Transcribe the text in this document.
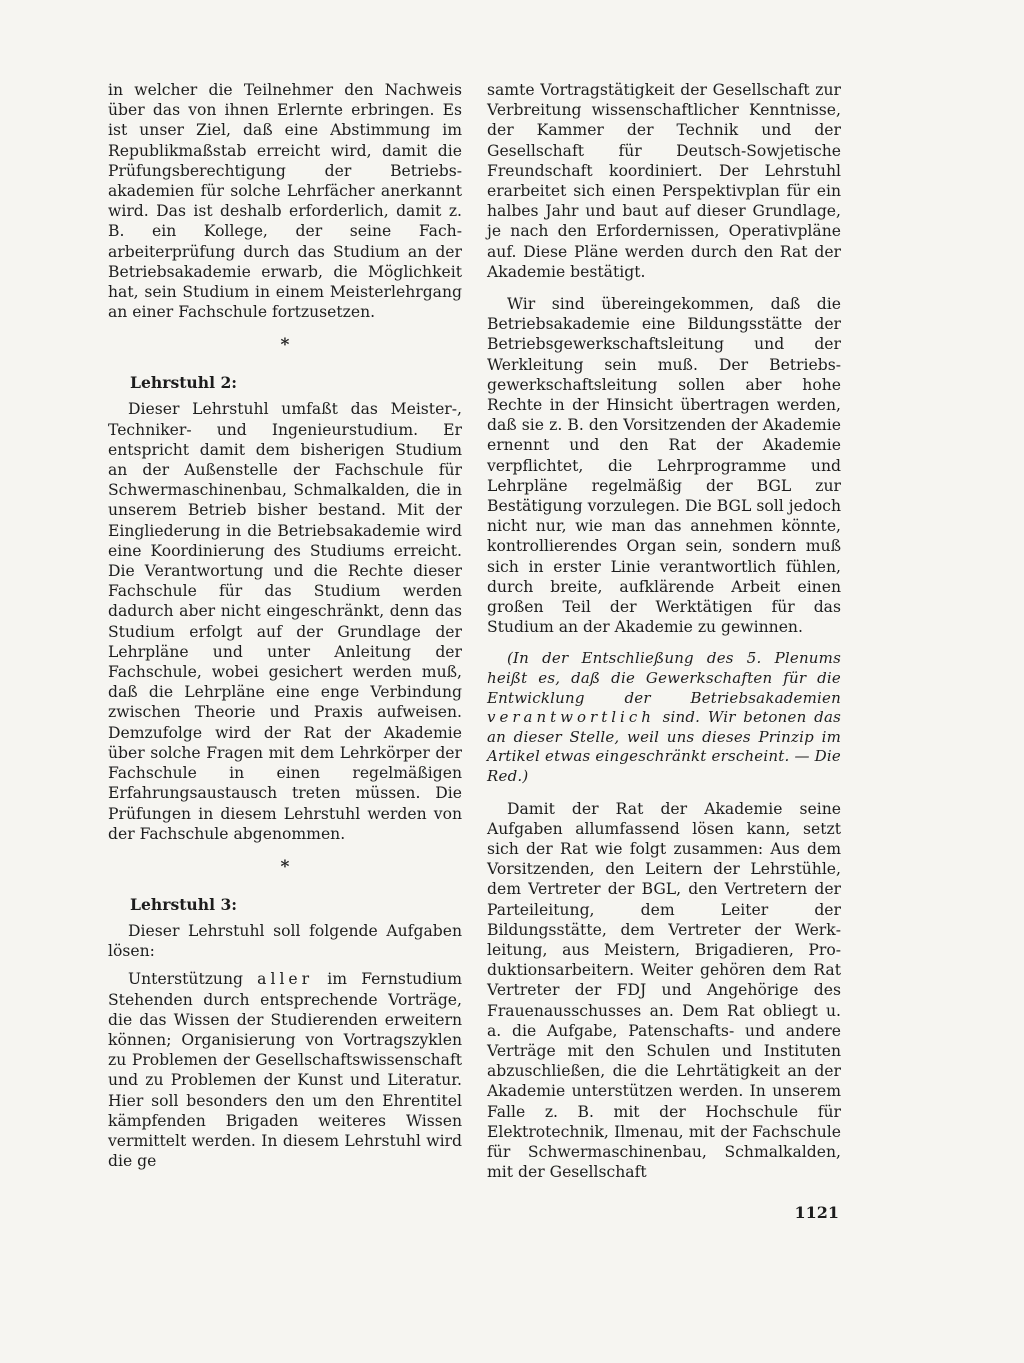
in welcher die Teilnehmer den Nachweis über das von ihnen Erlernte erbringen. Es ist unser Ziel, daß eine Abstimmung im Republikmaßstab erreicht wird, damit die Prüfungsberechtigung der Betriebsakademien für solche Lehrfächer anerkannt wird. Das ist deshalb erforderlich, damit z. B. ein Kollege, der seine Facharbeiterprüfung durch das Studium an der Betriebsakademie erwarb, die Möglichkeit hat, sein Studium in einem Meisterlehrgang an einer Fachschule fortzusetzen.

*
Lehrstuhl 2:

Dieser Lehrstuhl umfaßt das Meister-, Techniker- und Ingenieurstudium. Er entspricht damit dem bisherigen Studium an der Außenstelle der Fachschule für Schwermaschinenbau, Schmalkalden, die in unserem Betrieb bisher bestand. Mit der Eingliederung in die Betriebsakademie wird eine Koordinierung des Studiums erreicht. Die Verantwortung und die Rechte dieser Fachschule für das Studium werden dadurch aber nicht eingeschränkt, denn das Studium erfolgt auf der Grundlage der Lehrpläne und unter Anleitung der Fachschule, wobei gesichert werden muß, daß die Lehrpläne eine enge Verbindung zwischen Theorie und Praxis aufweisen. Demzufolge wird der Rat der Akademie über solche Fragen mit dem Lehrkörper der Fachschule in einen regelmäßigen Erfahrungsaustausch treten müssen. Die Prüfungen in diesem Lehrstuhl werden von der Fachschule abgenommen.

*
Lehrstuhl 3:

Dieser Lehrstuhl soll folgende Aufgaben lösen:

Unterstützung aller im Fernstudium Stehenden durch entsprechende Vorträge, die das Wissen der Studierenden erweitern können; Organisierung von Vortragszyklen zu Problemen der Gesellschaftswissenschaft und zu Problemen der Kunst und Literatur. Hier soll besonders den um den Ehrentitel kämpfenden Brigaden weiteres Wissen vermittelt werden. In diesem Lehrstuhl wird die ge

samte Vortragstätigkeit der Gesellschaft zur Verbreitung wissenschaftlicher Kenntnisse, der Kammer der Technik und der Gesellschaft für Deutsch-Sowjetische Freundschaft koordiniert. Der Lehrstuhl erarbeitet sich einen Perspektivplan für ein halbes Jahr und baut auf dieser Grundlage, je nach den Erfordernissen, Operativpläne auf. Diese Pläne werden durch den Rat der Akademie bestätigt.

Wir sind übereingekommen, daß die Betriebsakademie eine Bildungsstätte der Betriebsgewerkschaftsleitung und der Werkleitung sein muß. Der Betriebsgewerkschaftsleitung sollen aber hohe Rechte in der Hinsicht übertragen werden, daß sie z. B. den Vorsitzenden der Akademie ernennt und den Rat der Akademie verpflichtet, die Lehrprogramme und Lehrpläne regelmäßig der BGL zur Bestätigung vorzulegen. Die BGL soll jedoch nicht nur, wie man das annehmen könnte, kontrollierendes Organ sein, sondern muß sich in erster Linie verantwortlich fühlen, durch breite, aufklärende Arbeit einen großen Teil der Werktätigen für das Studium an der Akademie zu gewinnen.

(In der Entschließung des 5. Plenums heißt es, daß die Gewerkschaften für die Entwicklung der Betriebsakademien verantwortlich sind. Wir betonen das an dieser Stelle, weil uns dieses Prinzip im Artikel etwas eingeschränkt erscheint. — Die Red.)

Damit der Rat der Akademie seine Aufgaben allumfassend lösen kann, setzt sich der Rat wie folgt zusammen: Aus dem Vorsitzenden, den Leitern der Lehrstühle, dem Vertreter der BGL, den Vertretern der Parteileitung, dem Leiter der Bildungsstätte, dem Vertreter der Werkleitung, aus Meistern, Brigadieren, Produktionsarbeitern. Weiter gehören dem Rat Vertreter der FDJ und Angehörige des Frauenausschusses an. Dem Rat obliegt u. a. die Aufgabe, Patenschafts- und andere Verträge mit den Schulen und Instituten abzuschließen, die die Lehrtätigkeit an der Akademie unterstützen werden. In unserem Falle z. B. mit der Hochschule für Elektrotechnik, Ilmenau, mit der Fachschule für Schwermaschinenbau, Schmalkalden, mit der Gesellschaft

1121
